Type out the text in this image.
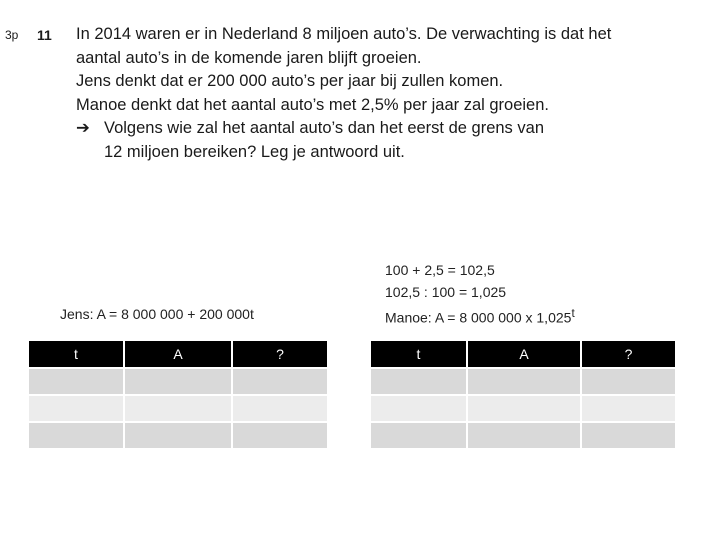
3p 11 In 2014 waren er in Nederland 8 miljoen auto’s. De verwachting is dat het
aantal auto’s in de komende jaren blijft groeien.
Jens denkt dat er 200 000 auto’s per jaar bij zullen komen.
Manoe denkt dat het aantal auto’s met 2,5% per jaar zal groeien.
➔ Volgens wie zal het aantal auto’s dan het eerst de grens van
12 miljoen bereiken? Leg je antwoord uit.
Jens: A = 8 000 000 + 200 000t
100 + 2,5 = 102,5
102,5 : 100 = 1,025
Manoe: A = 8 000 000 x 1,025$^t$
t	A	?

			t	A	?
